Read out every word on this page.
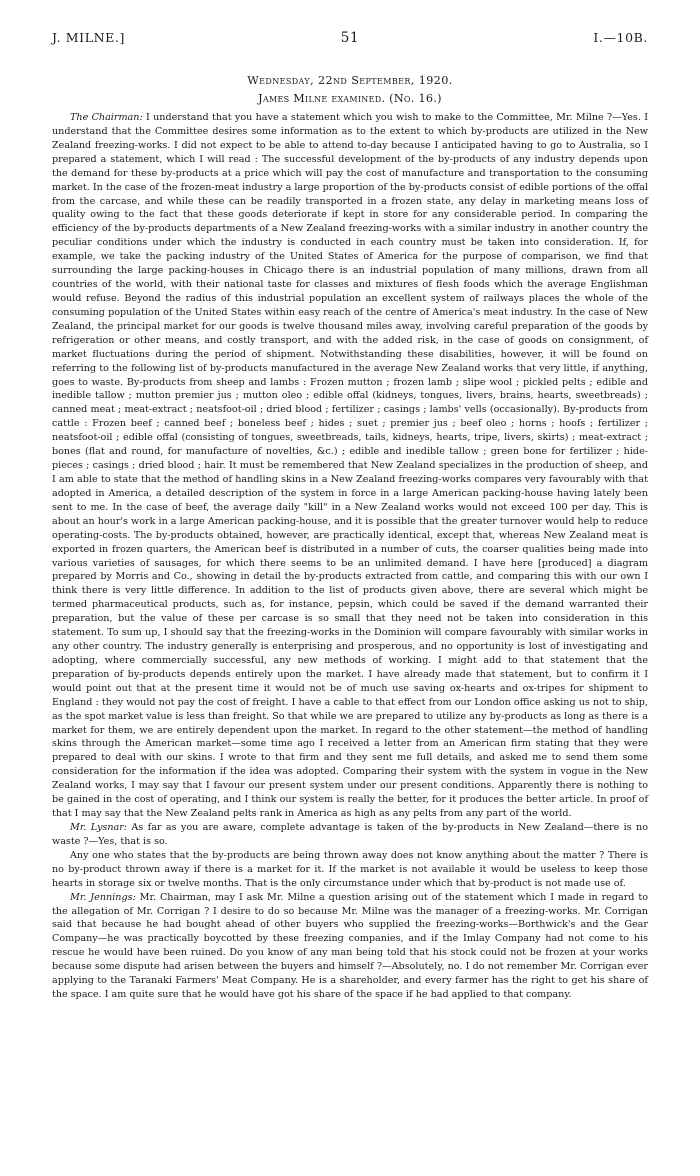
J. MILNE.]	51	I.—10B.
Wednesday, 22nd September, 1920.
James Milne examined. (No. 16.)

The Chairman: I understand that you have a statement which you wish to make to the Committee, Mr. Milne ?—Yes. I understand that the Committee desires some information as to the extent to which by-products are utilized in the New Zealand freezing-works. I did not expect to be able to attend to-day because I anticipated having to go to Australia, so I prepared a statement, which I will read : The successful development of the by-products of any industry depends upon the demand for these by-products at a price which will pay the cost of manufacture and transportation to the consuming market. In the case of the frozen-meat industry a large proportion of the by-products consist of edible portions of the offal from the carcase, and while these can be readily transported in a frozen state, any delay in marketing means loss of quality owing to the fact that these goods deteriorate if kept in store for any considerable period. In comparing the efficiency of the by-products departments of a New Zealand freezing-works with a similar industry in another country the peculiar conditions under which the industry is conducted in each country must be taken into consideration. If, for example, we take the packing industry of the United States of America for the purpose of comparison, we find that surrounding the large packing-houses in Chicago there is an industrial population of many millions, drawn from all countries of the world, with their national taste for classes and mixtures of flesh foods which the average Englishman would refuse. Beyond the radius of this industrial population an excellent system of railways places the whole of the consuming population of the United States within easy reach of the centre of America's meat industry. In the case of New Zealand, the principal market for our goods is twelve thousand miles away, involving careful preparation of the goods by refrigeration or other means, and costly transport, and with the added risk, in the case of goods on consignment, of market fluctuations during the period of shipment. Notwithstanding these disabilities, however, it will be found on referring to the following list of by-products manufactured in the average New Zealand works that very little, if anything, goes to waste. By-products from sheep and lambs : Frozen mutton ; frozen lamb ; slipe wool ; pickled pelts ; edible and inedible tallow ; mutton premier jus ; mutton oleo ; edible offal (kidneys, tongues, livers, brains, hearts, sweetbreads) ; canned meat ; meat-extract ; neatsfoot-oil ; dried blood ; fertilizer ; casings ; lambs' vells (occasionally). By-products from cattle : Frozen beef ; canned beef ; boneless beef ; hides ; suet ; premier jus ; beef oleo ; horns ; hoofs ; fertilizer ; neatsfoot-oil ; edible offal (consisting of tongues, sweetbreads, tails, kidneys, hearts, tripe, livers, skirts) ; meat-extract ; bones (flat and round, for manufacture of novelties, &c.) ; edible and inedible tallow ; green bone for fertilizer ; hide-pieces ; casings ; dried blood ; hair. It must be remembered that New Zealand specializes in the production of sheep, and I am able to state that the method of handling skins in a New Zealand freezing-works compares very favourably with that adopted in America, a detailed description of the system in force in a large American packing-house having lately been sent to me. In the case of beef, the average daily "kill" in a New Zealand works would not exceed 100 per day. This is about an hour's work in a large American packing-house, and it is possible that the greater turnover would help to reduce operating-costs. The by-products obtained, however, are practically identical, except that, whereas New Zealand meat is exported in frozen quarters, the American beef is distributed in a number of cuts, the coarser qualities being made into various varieties of sausages, for which there seems to be an unlimited demand. I have here [produced] a diagram prepared by Morris and Co., showing in detail the by-products extracted from cattle, and comparing this with our own I think there is very little difference. In addition to the list of products given above, there are several which might be termed pharmaceutical products, such as, for instance, pepsin, which could be saved if the demand warranted their preparation, but the value of these per carcase is so small that they need not be taken into consideration in this statement. To sum up, I should say that the freezing-works in the Dominion will compare favourably with similar works in any other country. The industry generally is enterprising and prosperous, and no opportunity is lost of investigating and adopting, where commercially successful, any new methods of working. I might add to that statement that the preparation of by-products depends entirely upon the market. I have already made that statement, but to confirm it I would point out that at the present time it would not be of much use saving ox-hearts and ox-tripes for shipment to England : they would not pay the cost of freight. I have a cable to that effect from our London office asking us not to ship, as the spot market value is less than freight. So that while we are prepared to utilize any by-products as long as there is a market for them, we are entirely dependent upon the market. In regard to the other statement—the method of handling skins through the American market—some time ago I received a letter from an American firm stating that they were prepared to deal with our skins. I wrote to that firm and they sent me full details, and asked me to send them some consideration for the information if the idea was adopted. Comparing their system with the system in vogue in the New Zealand works, I may say that I favour our present system under our present conditions. Apparently there is nothing to be gained in the cost of operating, and I think our system is really the better, for it produces the better article. In proof of that I may say that the New Zealand pelts rank in America as high as any pelts from any part of the world.

Mr. Lysnar: As far as you are aware, complete advantage is taken of the by-products in New Zealand—there is no waste ?—Yes, that is so.

Any one who states that the by-products are being thrown away does not know anything about the matter ? There is no by-product thrown away if there is a market for it. If the market is not available it would be useless to keep those hearts in storage six or twelve months. That is the only circumstance under which that by-product is not made use of.

Mr. Jennings: Mr. Chairman, may I ask Mr. Milne a question arising out of the statement which I made in regard to the allegation of Mr. Corrigan ? I desire to do so because Mr. Milne was the manager of a freezing-works. Mr. Corrigan said that because he had bought ahead of other buyers who supplied the freezing-works—Borthwick's and the Gear Company—he was practically boycotted by these freezing companies, and if the Imlay Company had not come to his rescue he would have been ruined. Do you know of any man being told that his stock could not be frozen at your works because some dispute had arisen between the buyers and himself ?—Absolutely, no. I do not remember Mr. Corrigan ever applying to the Taranaki Farmers' Meat Company. He is a shareholder, and every farmer has the right to get his share of the space. I am quite sure that he would have got his share of the space if he had applied to that company.
